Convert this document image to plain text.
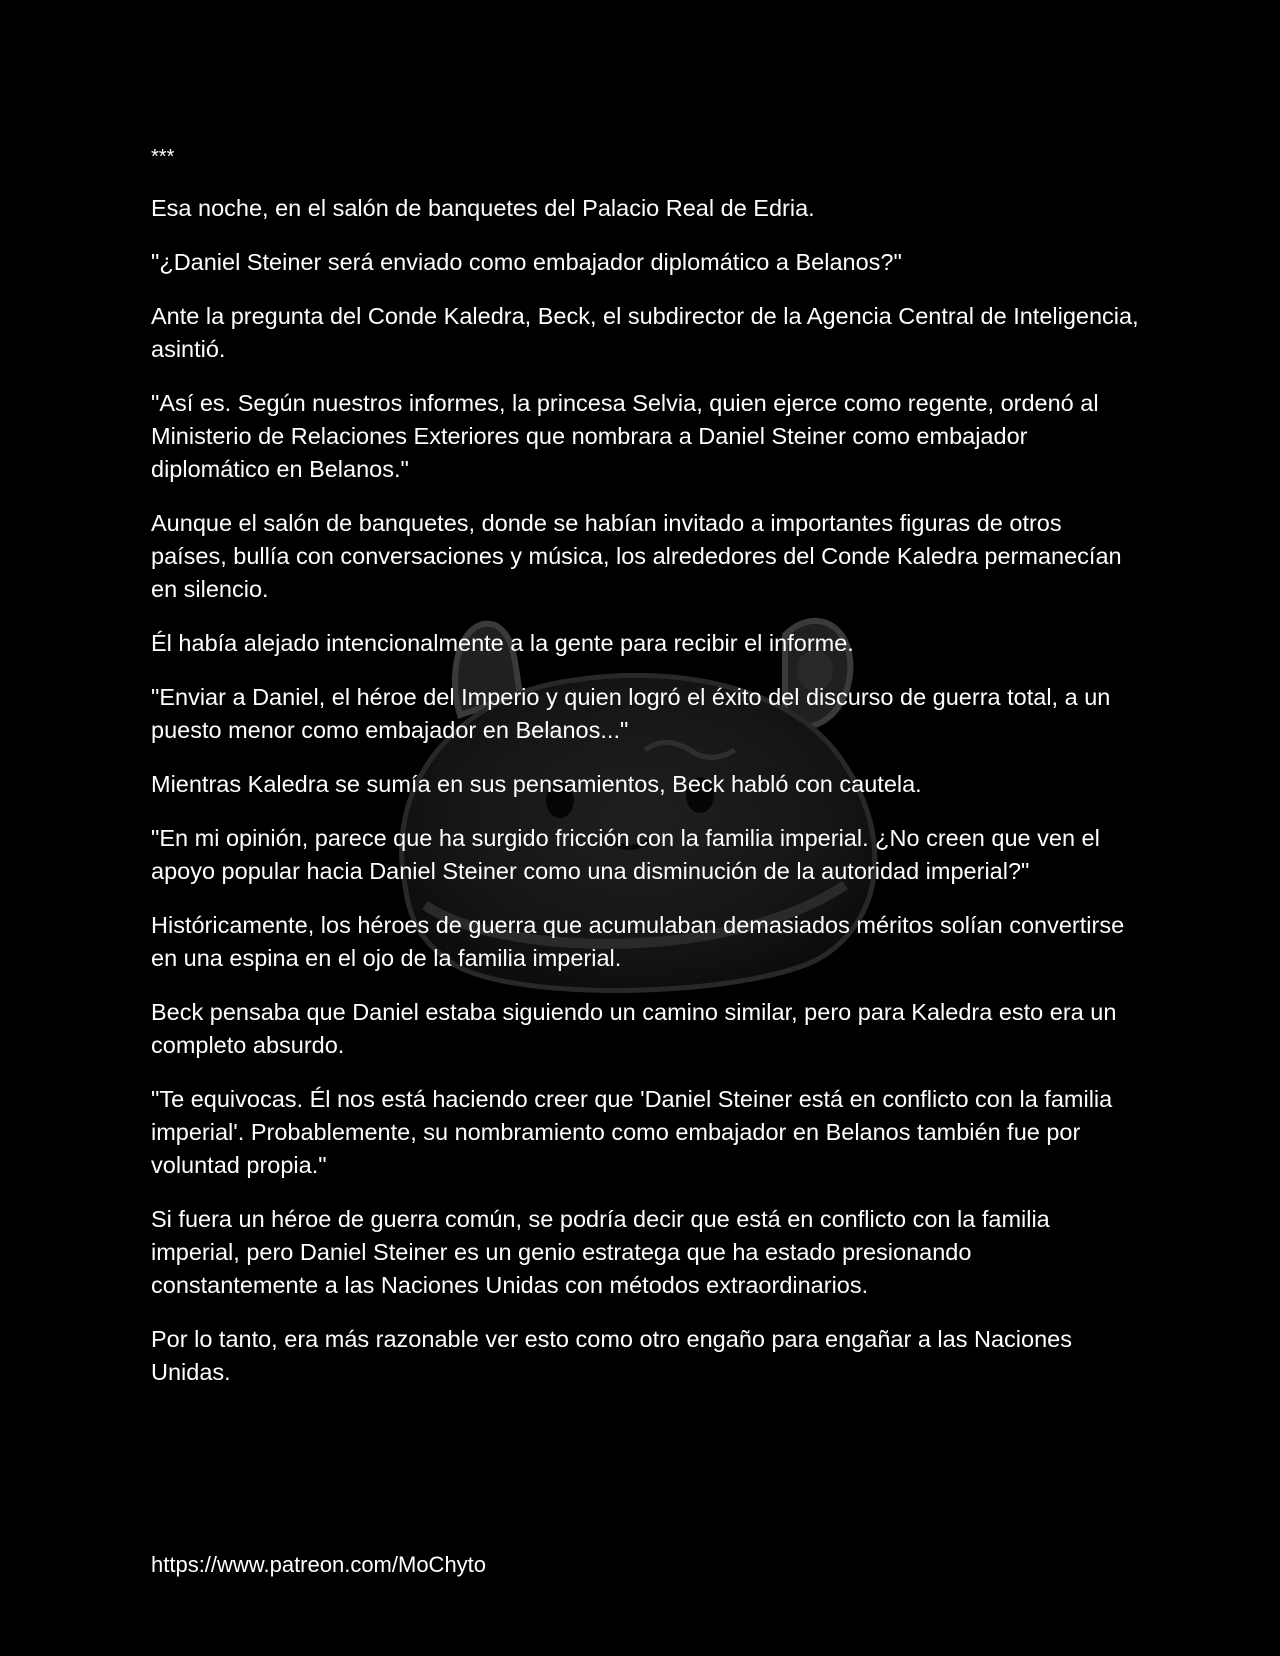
***

Esa noche, en el salón de banquetes del Palacio Real de Edria.

"¿Daniel Steiner será enviado como embajador diplomático a Belanos?"

Ante la pregunta del Conde Kaledra, Beck, el subdirector de la Agencia Central de Inteligencia, asintió.

"Así es. Según nuestros informes, la princesa Selvia, quien ejerce como regente, ordenó al Ministerio de Relaciones Exteriores que nombrara a Daniel Steiner como embajador diplomático en Belanos."

Aunque el salón de banquetes, donde se habían invitado a importantes figuras de otros países, bullía con conversaciones y música, los alrededores del Conde Kaledra permanecían en silencio.

Él había alejado intencionalmente a la gente para recibir el informe.

"Enviar a Daniel, el héroe del Imperio y quien logró el éxito del discurso de guerra total, a un puesto menor como embajador en Belanos..."

Mientras Kaledra se sumía en sus pensamientos, Beck habló con cautela.

"En mi opinión, parece que ha surgido fricción con la familia imperial. ¿No creen que ven el apoyo popular hacia Daniel Steiner como una disminución de la autoridad imperial?"

Históricamente, los héroes de guerra que acumulaban demasiados méritos solían convertirse en una espina en el ojo de la familia imperial.

Beck pensaba que Daniel estaba siguiendo un camino similar, pero para Kaledra esto era un completo absurdo.

"Te equivocas. Él nos está haciendo creer que 'Daniel Steiner está en conflicto con la familia imperial'. Probablemente, su nombramiento como embajador en Belanos también fue por voluntad propia."

Si fuera un héroe de guerra común, se podría decir que está en conflicto con la familia imperial, pero Daniel Steiner es un genio estratega que ha estado presionando constantemente a las Naciones Unidas con métodos extraordinarios.

Por lo tanto, era más razonable ver esto como otro engaño para engañar a las Naciones Unidas.

https://www.patreon.com/MoChyto
